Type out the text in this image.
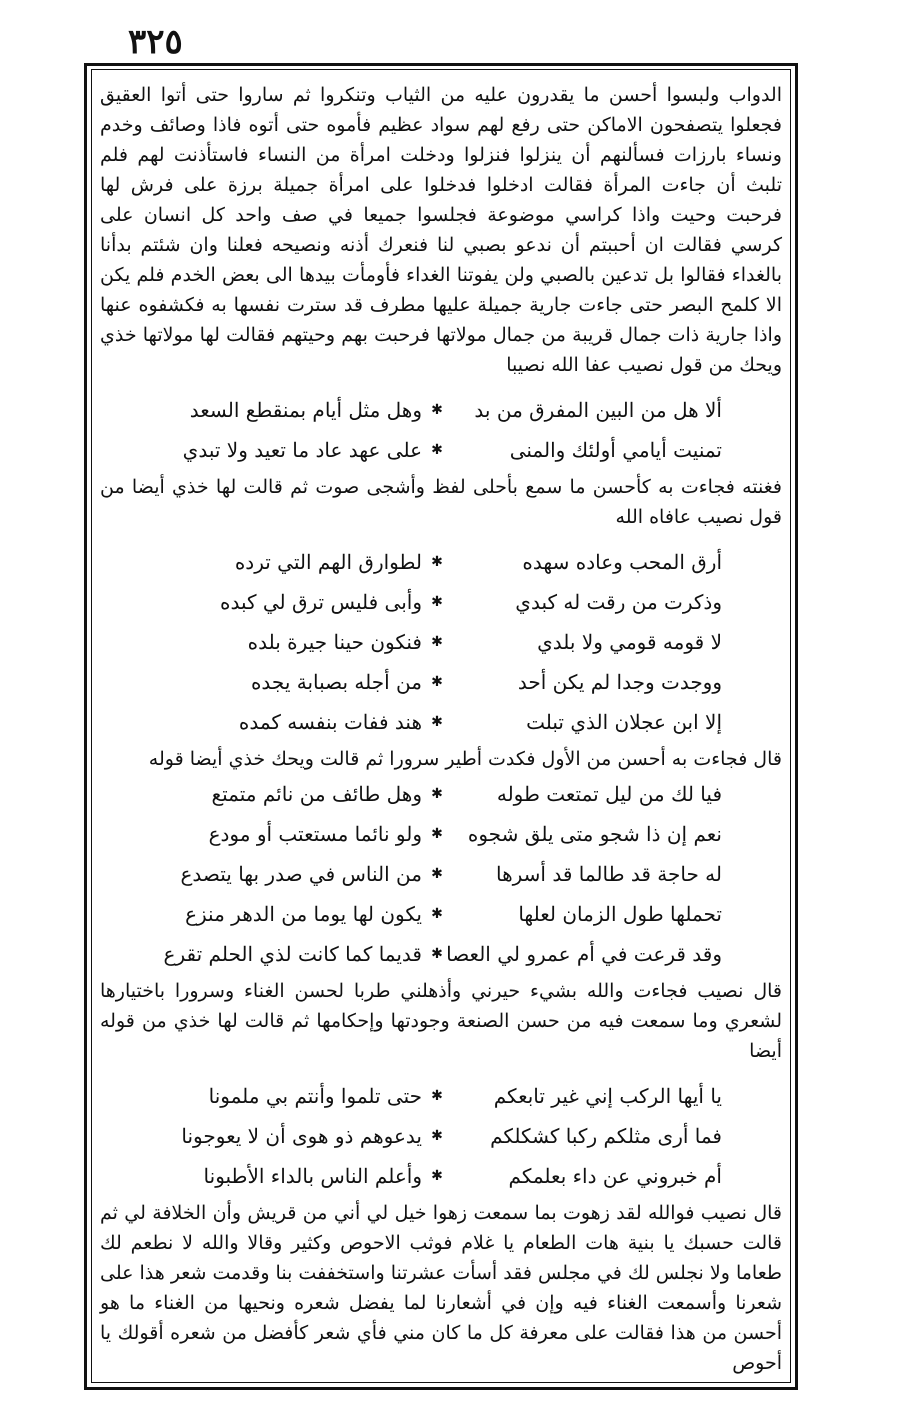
٣٢٥

الدواب ولبسوا أحسن ما يقدرون عليه من الثياب وتنكروا ثم ساروا حتى أتوا العقيق فجعلوا يتصفحون الاماكن حتى رفع لهم سواد عظيم فأموه حتى أتوه فاذا وصائف وخدم ونساء بارزات فسألنهم أن ينزلوا فنزلوا ودخلت امرأة من النساء فاستأذنت لهم فلم تلبث أن جاءت المرأة فقالت ادخلوا فدخلوا على امرأة جميلة برزة على فرش لها فرحبت وحيت واذا كراسي موضوعة فجلسوا جميعا في صف واحد كل انسان على كرسي فقالت ان أحببتم أن ندعو بصبي لنا فنعرك أذنه ونصيحه فعلنا وان شئتم بدأنا بالغداء فقالوا بل تدعين بالصبي ولن يفوتنا الغداء فأومأت بيدها الى بعض الخدم فلم يكن الا كلمح البصر حتى جاءت جارية جميلة عليها مطرف قد سترت نفسها به فكشفوه عنها واذا جارية ذات جمال قريبة من جمال مولاتها فرحبت بهم وحيتهم فقالت لها مولاتها خذي ويحك من قول نصيب عفا الله نصيبا

ألا هل من البين المفرق من بد
✱
وهل مثل أيام بمنقطع السعد
تمنيت أيامي أولئك والمنى
✱
على عهد عاد ما تعيد ولا تبدي

فغنته فجاءت به كأحسن ما سمع بأحلى لفظ وأشجى صوت ثم قالت لها خذي أيضا من قول نصيب عافاه الله

أرق المحب وعاده سهده
✱
لطوارق الهم التي ترده
وذكرت من رقت له كبدي
✱
وأبى فليس ترق لي كبده
لا قومه قومي ولا بلدي
✱
فنكون حينا جيرة بلده
ووجدت وجدا لم يكن أحد
✱
من أجله بصبابة يجده
إلا ابن عجلان الذي تبلت
✱
هند ففات بنفسه كمده

قال فجاءت به أحسن من الأول فكدت أطير سرورا ثم قالت ويحك خذي أيضا قوله

فيا لك من ليل تمتعت طوله
✱
وهل طائف من نائم متمتع
نعم إن ذا شجو متى يلق شجوه
✱
ولو نائما مستعتب أو مودع
له حاجة قد طالما قد أسرها
✱
من الناس في صدر بها يتصدع
تحملها طول الزمان لعلها
✱
يكون لها يوما من الدهر منزع
وقد قرعت في أم عمرو لي العصا
✱
قديما كما كانت لذي الحلم تقرع

قال نصيب فجاءت والله بشيء حيرني وأذهلني طربا لحسن الغناء وسرورا باختيارها لشعري وما سمعت فيه من حسن الصنعة وجودتها وإحكامها ثم قالت لها خذي من قوله أيضا

يا أيها الركب إني غير تابعكم
✱
حتى تلموا وأنتم بي ملمونا
فما أرى مثلكم ركبا كشكلكم
✱
يدعوهم ذو هوى أن لا يعوجونا
أم خبروني عن داء بعلمكم
✱
وأعلم الناس بالداء الأطبونا

قال نصيب فوالله لقد زهوت بما سمعت زهوا خيل لي أني من قريش وأن الخلافة لي ثم قالت حسبك يا بنية هات الطعام يا غلام فوثب الاحوص وكثير وقالا والله لا نطعم لك طعاما ولا نجلس لك في مجلس فقد أسأت عشرتنا واستخففت بنا وقدمت شعر هذا على شعرنا وأسمعت الغناء فيه وإن في أشعارنا لما يفضل شعره ونحيها من الغناء ما هو أحسن من هذا فقالت على معرفة كل ما كان مني فأي شعر كأفضل من شعره أقولك يا أحوص
